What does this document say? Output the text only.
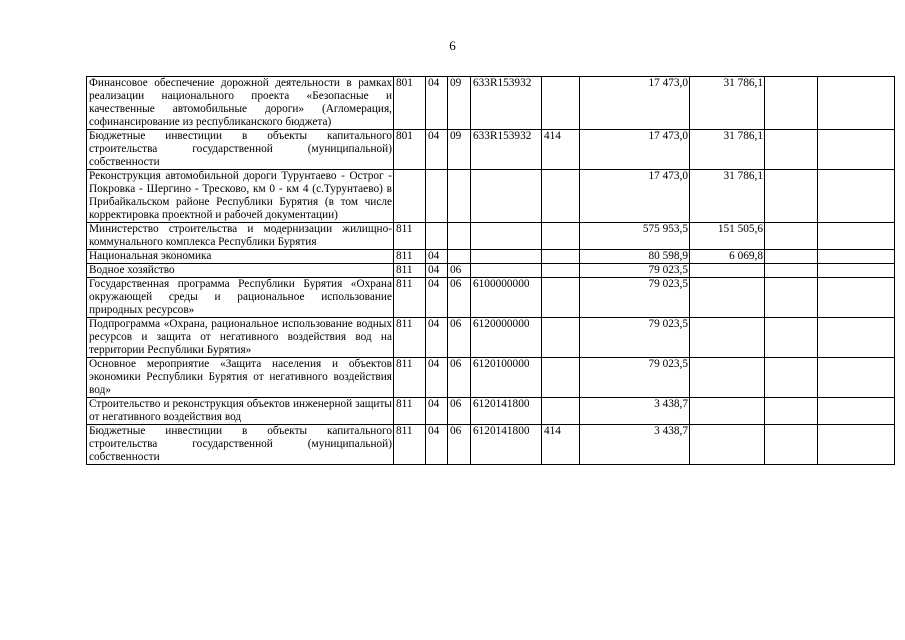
6
Финансовое обеспечение дорожной деятельности в рамках реализации национального проекта «Безопасные и качественные автомобильные дороги» (Агломерация, софинансирование из республиканского бюджета)	801	04	09	633R153932		17 473,0	31 786,1		
Бюджетные инвестиции в объекты капитального строительства государственной (муниципальной) собственности	801	04	09	633R153932	414	17 473,0	31 786,1		
Реконструкция автомобильной дороги Турунтаево - Острог - Покровка - Шергино - Тресково, км 0 - км 4 (с.Турунтаево) в Прибайкальском районе Республики Бурятия (в том числе корректировка проектной и рабочей документации)						17 473,0	31 786,1		
Министерство строительства и модернизации жилищно-коммунального комплекса Республики Бурятия	811					575 953,5	151 505,6		
Национальная экономика	811	04				80 598,9	6 069,8		
Водное хозяйство	811	04	06			79 023,5			
Государственная программа Республики Бурятия «Охрана окружающей среды и рациональное использование природных ресурсов»	811	04	06	6100000000		79 023,5			
Подпрограмма «Охрана, рациональное использование водных ресурсов и защита от негативного воздействия вод на территории Республики Бурятия»	811	04	06	6120000000		79 023,5			
Основное мероприятие «Защита населения и объектов экономики Республики Бурятия от негативного воздействия вод»	811	04	06	6120100000		79 023,5			
Строительство и реконструкция объектов инженерной защиты от негативного воздействия вод	811	04	06	6120141800		3 438,7			
Бюджетные инвестиции в объекты капитального строительства государственной (муниципальной) собственности	811	04	06	6120141800	414	3 438,7			
